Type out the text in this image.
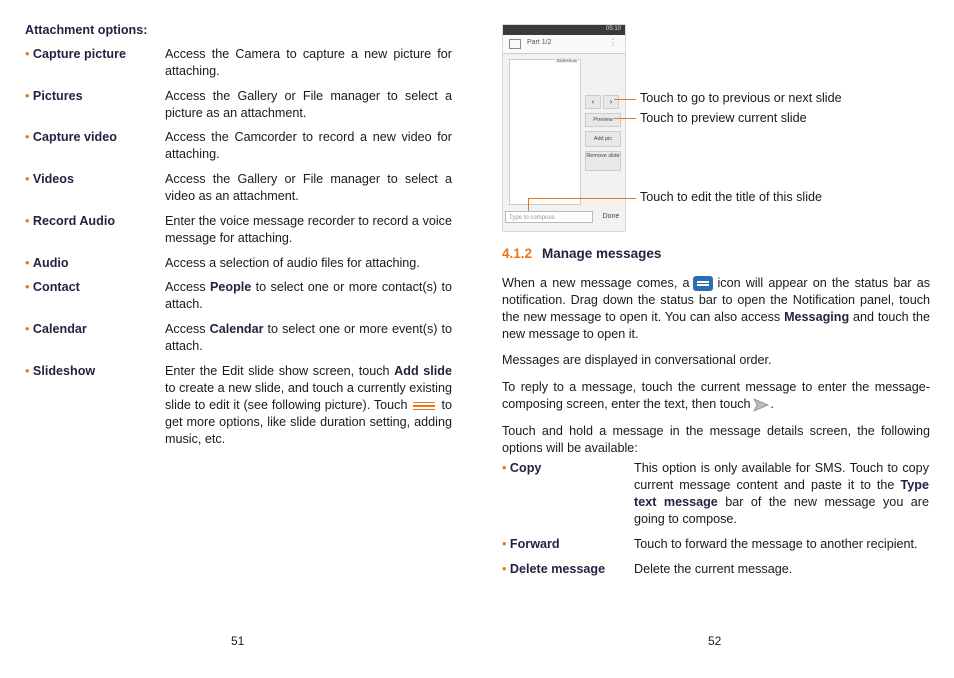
Attachment options:
• Capture picture	Access the Camera to capture a new picture for attaching.
• Pictures	Access the Gallery or File manager to select a picture as an attachment.
• Capture video	Access the Camcorder to record a new video for attaching.
• Videos	Access the Gallery or File manager to select a video as an attachment.
• Record Audio	Enter the voice message recorder to record a voice message for attaching.
• Audio	Access a selection of audio files for attaching.
• Contact	Access People to select one or more contact(s) to attach.
• Calendar	Access Calendar to select one or more event(s) to attach.
• Slideshow	Enter the Edit slide show screen, touch Add slide to create a new slide, and touch a currently existing slide to edit it (see following picture). Touch	to get more options, like slide duration setting, adding music, etc.
51
05:10
Part 1/2	⋮
Slideshow
‹	›
Preview
Add pic
Remove slide
Type to compose	Done
Touch to go to previous or next slide
Touch to preview current slide
Touch to edit the title of this slide
4.1.2 Manage messages
When a new message comes, a icon will appear on the status bar as notification. Drag down the status bar to open the Notification panel, touch the new message to open it. You can also access Messaging and touch the new message to open it.
Messages are displayed in conversational order.
To reply to a message, touch the current message to enter the message-composing screen, enter the text, then touch .
Touch and hold a message in the message details screen, the following options will be available:
• Copy	This option is only available for SMS. Touch to copy current message content and paste it to the Type text message bar of the new message you are going to compose.
• Forward	Touch to forward the message to another recipient.
• Delete message	Delete the current message.
52
